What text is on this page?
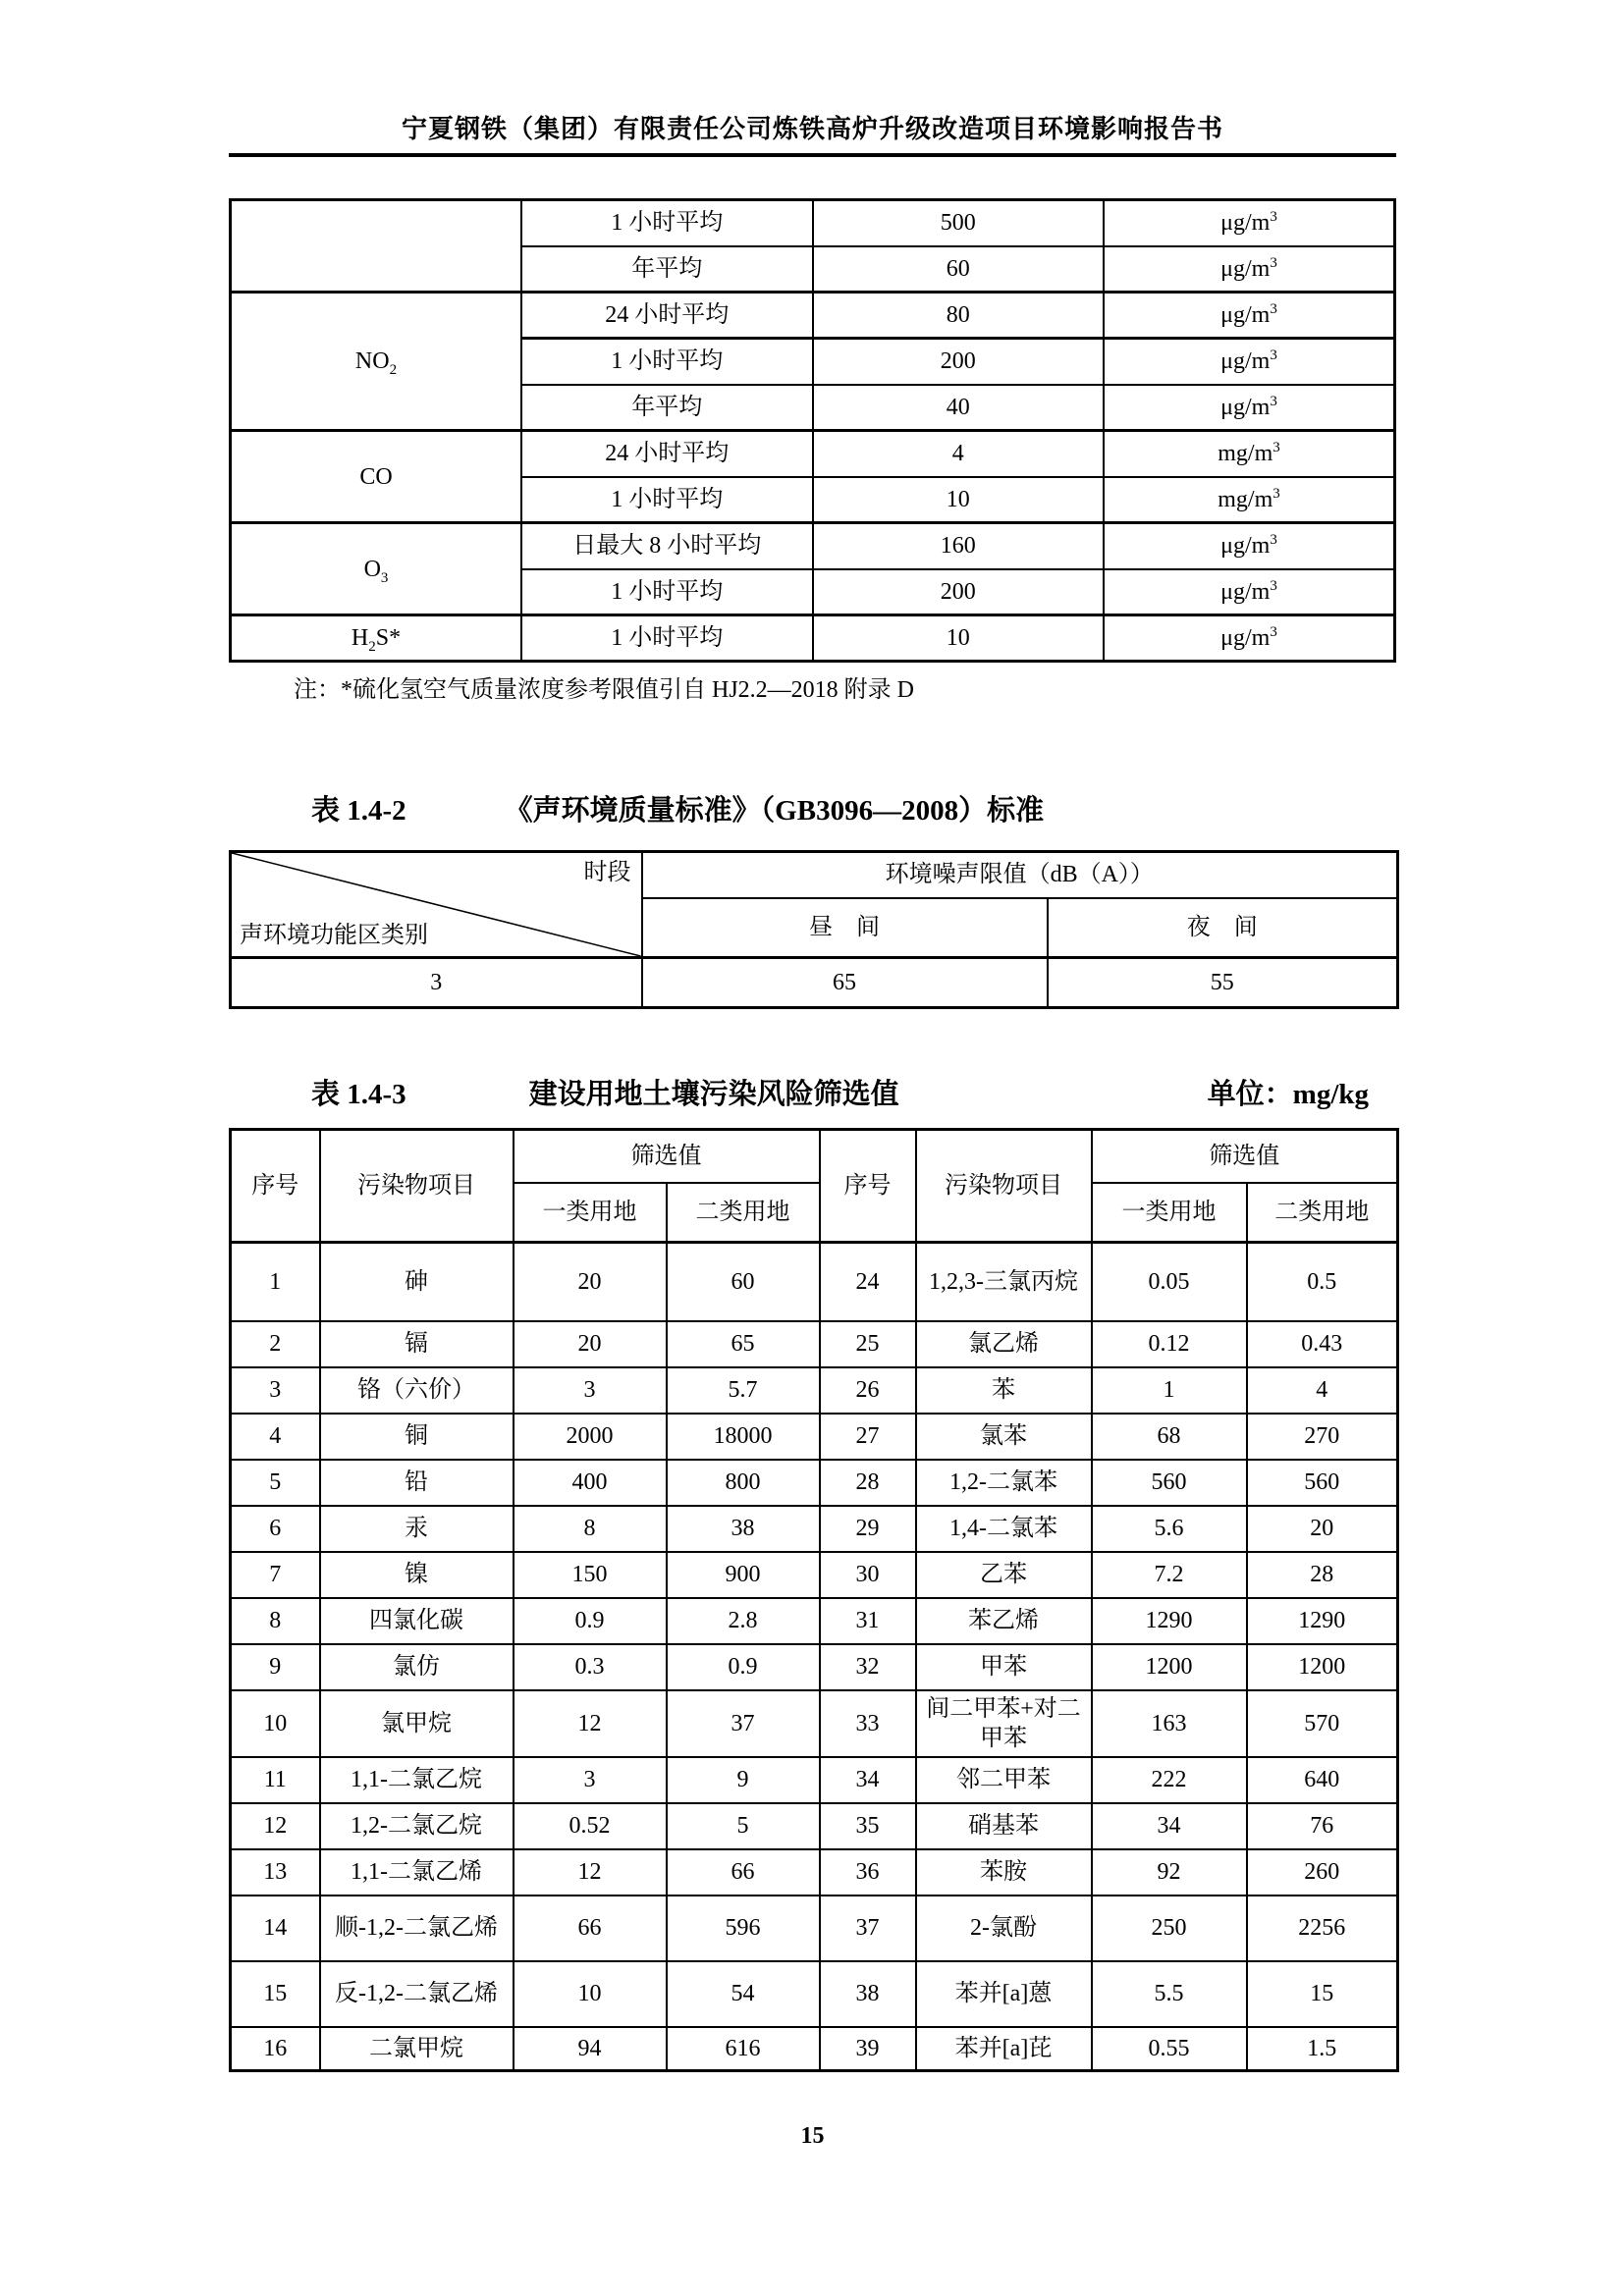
宁夏钢铁（集团）有限责任公司炼铁高炉升级改造项目环境影响报告书
	1 小时平均	500	$\mu g/m^3$
	年平均	60	$\mu g/m^3$
$NO_2$	24 小时平均	80	$\mu g/m^3$
	1 小时平均	200	$\mu g/m^3$
	年平均	40	$\mu g/m^3$
CO	24 小时平均	4	$mg/m^3$
	1 小时平均	10	$mg/m^3$
$O_3$	日最大 8 小时平均	160	$\mu g/m^3$
	1 小时平均	200	$\mu g/m^3$
$H_2S*$	1 小时平均	10	$\mu g/m^3$
注：*硫化氢空气质量浓度参考限值引自 HJ2.2—2018 附录 D
表 1.4-2	《声环境质量标准》（GB3096—2008）标准
时段
声环境功能区类别	环境噪声限值（dB（A））	
	昼　间	夜　间
3	65	55
表 1.4-3	建设用地土壤污染风险筛选值	单位：mg/kg
序号	污染物项目	筛选值		序号	污染物项目	筛选值	
		一类用地	二类用地			一类用地	二类用地
1	砷	20	60	24	1,2,3-三氯丙烷	0.05	0.5
2	镉	20	65	25	氯乙烯	0.12	0.43
3	铬（六价）	3	5.7	26	苯	1	4
4	铜	2000	18000	27	氯苯	68	270
5	铅	400	800	28	1,2-二氯苯	560	560
6	汞	8	38	29	1,4-二氯苯	5.6	20
7	镍	150	900	30	乙苯	7.2	28
8	四氯化碳	0.9	2.8	31	苯乙烯	1290	1290
9	氯仿	0.3	0.9	32	甲苯	1200	1200
10	氯甲烷	12	37	33	间二甲苯+对二甲苯	163	570
11	1,1-二氯乙烷	3	9	34	邻二甲苯	222	640
12	1,2-二氯乙烷	0.52	5	35	硝基苯	34	76
13	1,1-二氯乙烯	12	66	36	苯胺	92	260
14	顺-1,2-二氯乙烯	66	596	37	2-氯酚	250	2256
15	反-1,2-二氯乙烯	10	54	38	苯并[a]蒽	5.5	15
16	二氯甲烷	94	616	39	苯并[a]芘	0.55	1.5
15
